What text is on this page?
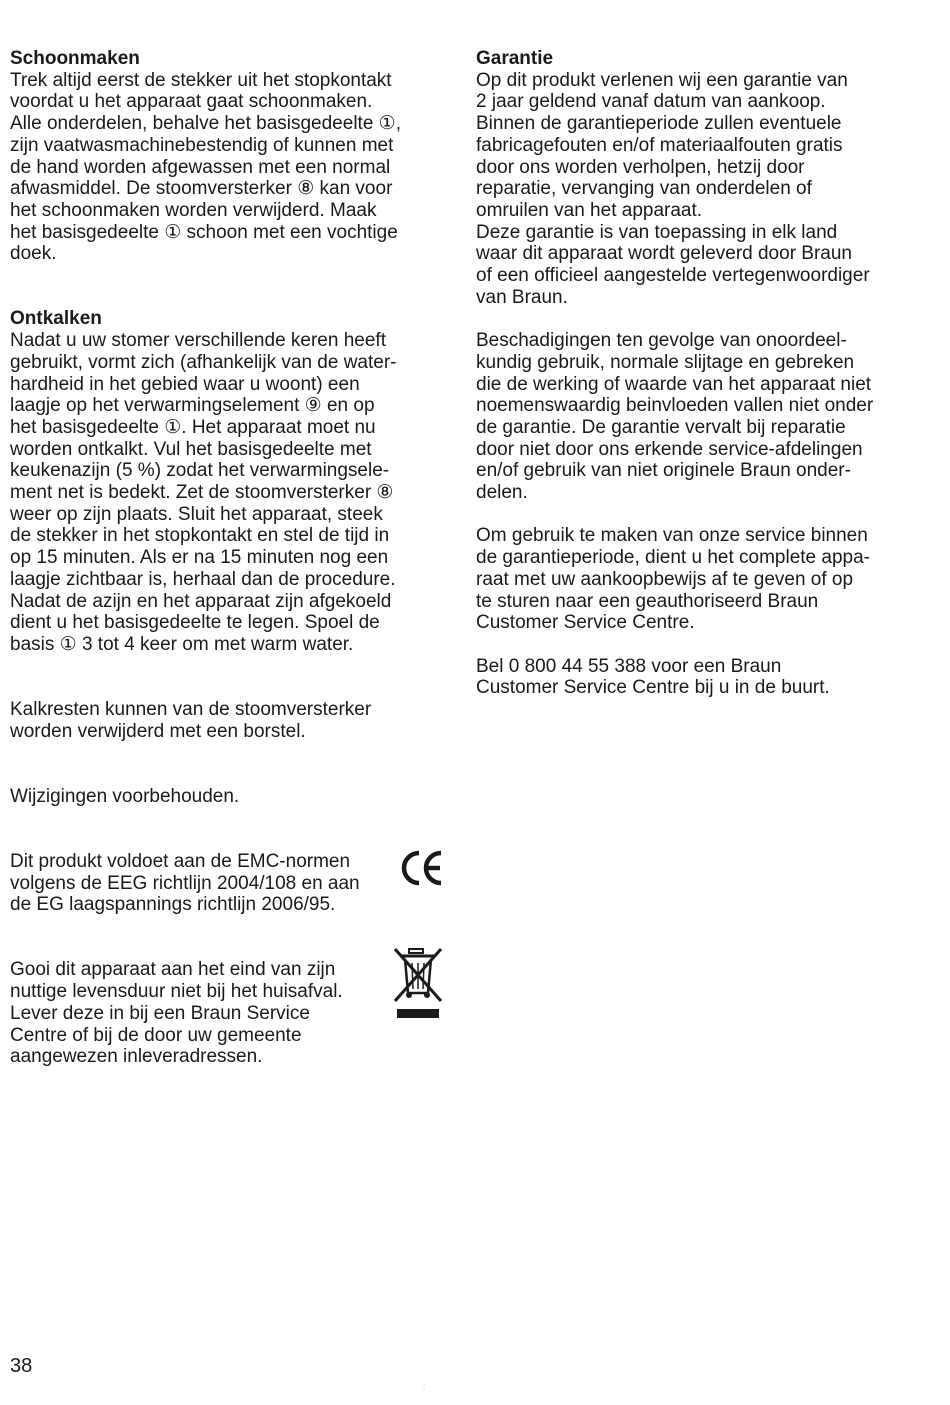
Schoonmaken
Trek altijd eerst de stekker uit het stopkontakt
voordat u het apparaat gaat schoonmaken.
Alle onderdelen, behalve het basisgedeelte ①,
zijn vaatwasmachinebestendig of kunnen met
de hand worden afgewassen met een normal
afwasmiddel. De stoomversterker ⑧ kan voor
het schoonmaken worden verwijderd. Maak
het basisgedeelte ① schoon met een vochtige
doek.
Ontkalken
Nadat u uw stomer verschillende keren heeft
gebruikt, vormt zich (afhankelijk van de water-
hardheid in het gebied waar u woont) een
laagje op het verwarmingselement ⑨ en op
het basisgedeelte ①. Het apparaat moet nu
worden ontkalkt. Vul het basisgedeelte met
keukenazijn (5 %) zodat het verwarmingsele-
ment net is bedekt. Zet de stoomversterker ⑧
weer op zijn plaats. Sluit het apparaat, steek
de stekker in het stopkontakt en stel de tijd in
op 15 minuten. Als er na 15 minuten nog een
laagje zichtbaar is, herhaal dan de procedure.
Nadat de azijn en het apparaat zijn afgekoeld
dient u het basisgedeelte te legen. Spoel de
basis ① 3 tot 4 keer om met warm water.
Kalkresten kunnen van de stoomversterker
worden verwijderd met een borstel.
Wijzigingen voorbehouden.
Dit produkt voldoet aan de EMC-normen
volgens de EEG richtlijn 2004/108 en aan
de EG laagspannings richtlijn 2006/95.
Gooi dit apparaat aan het eind van zijn
nuttige levensduur niet bij het huisafval.
Lever deze in bij een Braun Service
Centre of bij de door uw gemeente
aangewezen inleveradressen.
Garantie
Op dit produkt verlenen wij een garantie van
2 jaar geldend vanaf datum van aankoop.
Binnen de garantieperiode zullen eventuele
fabricagefouten en/of materiaalfouten gratis
door ons worden verholpen, hetzij door
reparatie, vervanging van onderdelen of
omruilen van het apparaat.
Deze garantie is van toepassing in elk land
waar dit apparaat wordt geleverd door Braun
of een officieel aangestelde vertegenwoordiger
van Braun.
Beschadigingen ten gevolge van onoordeel-
kundig gebruik, normale slijtage en gebreken
die de werking of waarde van het apparaat niet
noemenswaardig beinvloeden vallen niet onder
de garantie. De garantie vervalt bij reparatie
door niet door ons erkende service-afdelingen
en/of gebruik van niet originele Braun onder-
delen.
Om gebruik te maken van onze service binnen
de garantieperiode, dient u het complete appa-
raat met uw aankoopbewijs af te geven of op
te sturen naar een geauthoriseerd Braun
Customer Service Centre.
Bel 0 800 44 55 388 voor een Braun
Customer Service Centre bij u in de buurt.
38
:
